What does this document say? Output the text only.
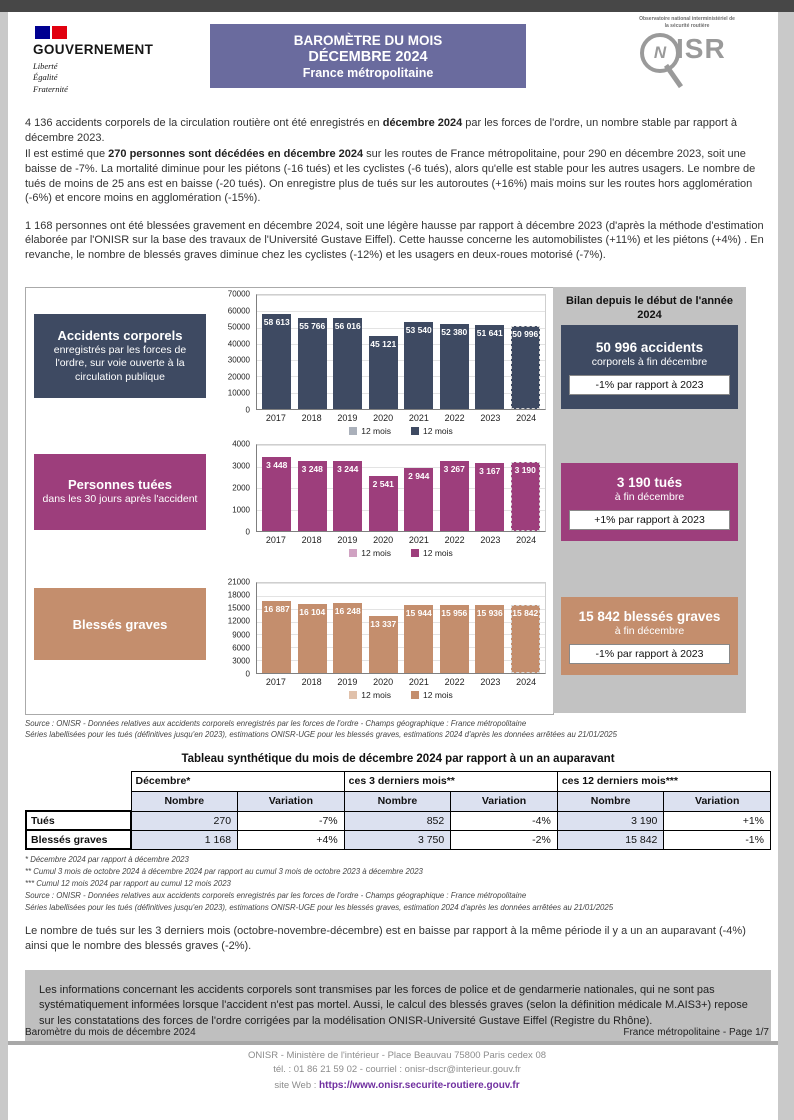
GOUVERNEMENT
Liberté
Égalité
Fraternité
BAROMÈTRE DU MOIS
DÉCEMBRE 2024
France métropolitaine
Observatoire national interministériel de la sécurité routière
N ISR

4 136 accidents corporels de la circulation routière ont été enregistrés en décembre 2024 par les forces de l'ordre, un nombre stable par rapport à décembre 2023.

Il est estimé que 270 personnes sont décédées en décembre 2024 sur les routes de France métropolitaine, pour 290 en décembre 2023, soit une baisse de -7%. La mortalité diminue pour les piétons (-16 tués) et les cyclistes (-6 tués), alors qu'elle est stable pour les autres usagers. Le nombre de tués de moins de 25 ans est en baisse (-20 tués). On enregistre plus de tués sur les autoroutes (+16%) mais moins sur les routes hors agglomération (-6%) et encore moins en agglomération (-15%).

1 168 personnes ont été blessées gravement en décembre 2024, soit une légère hausse par rapport à décembre 2023 (d'après la méthode d'estimation élaborée par l'ONISR sur la base des travaux de l'Université Gustave Eiffel). Cette hausse concerne les automobilistes (+11%) et les piétons (+4%) . En revanche, le nombre de blessés graves diminue chez les cyclistes (-12%) et les usagers en deux-roues motorisé (-7%).

Accidents corporels
enregistrés par les forces de l'ordre, sur voie ouverte à la circulation publique
70000
60000
50000
40000
30000
20000
10000
0
58 613 55 766 56 016
45 121
53 540 52 380 51 641 50 996
2017	2018	2019	2020	2021	2022	2023	2024
12 mois	12 mois
Personnes tuées
dans les 30 jours après l'accident
4000
3000
2000
1000
0
3 448 3 248 3 244
2 541
2 944
3 267 3 167 3 190
2017	2018	2019	2020	2021	2022	2023	2024
12 mois	12 mois
Blessés graves
21000
18000
15000
12000
9000
6000
3000
0
16 887 16 104 16 248
13 337
15 944 15 956 15 936 15 842
2017	2018	2019	2020	2021	2022	2023	2024
12 mois	12 mois
Bilan depuis le début de l'année 2024
50 996 accidents
corporels à fin décembre
-1% par rapport à 2023
3 190 tués
à fin décembre
+1% par rapport à 2023
15 842 blessés graves
à fin décembre
-1% par rapport à 2023
Source : ONISR - Données relatives aux accidents corporels enregistrés par les forces de l'ordre - Champs géographique : France métropolitaine
Séries labellisées pour les tués (définitives jusqu'en 2023), estimations ONISR-UGE pour les blessés graves, estimations 2024 d'après les données arrêtées au 21/01/2025
Tableau synthétique du mois de décembre 2024 par rapport à un an auparavant
	Décembre*		ces 3 derniers mois**		ces 12 derniers mois***	
	Nombre	Variation	Nombre	Variation	Nombre	Variation
Tués	270	-7%	852	-4%	3 190	+1%
Blessés graves	1 168	+4%	3 750	-2%	15 842	-1%
* Décembre 2024 par rapport à décembre 2023
** Cumul 3 mois de octobre 2024 à décembre 2024 par rapport au cumul 3 mois de octobre 2023 à décembre 2023
*** Cumul 12 mois 2024 par rapport au cumul 12 mois 2023
Source : ONISR - Données relatives aux accidents corporels enregistrés par les forces de l'ordre - Champs géographique : France métropolitaine
Séries labellisées pour les tués (définitives jusqu'en 2023), estimations ONISR-UGE pour les blessés graves, estimation 2024 d'après les données arrêtées au 21/01/2025

Le nombre de tués sur les 3 derniers mois (octobre-novembre-décembre) est en baisse par rapport à la même période il y a un an auparavant (-4%) ainsi que le nombre des blessés graves (-2%).

Les informations concernant les accidents corporels sont transmises par les forces de police et de gendarmerie nationales, qui ne sont pas systématiquement informées lorsque l'accident n'est pas mortel. Aussi, le calcul des blessés graves (selon la définition médicale M.AIS3+) repose sur les constatations des forces de l'ordre corrigées par la modélisation ONISR-Université Gustave Eiffel (Registre du Rhône).
Baromètre du mois de décembre 2024	France métropolitaine - Page 1/7
ONISR - Ministère de l'intérieur - Place Beauvau 75800 Paris cedex 08
tél. : 01 86 21 59 02 - courriel : onisr-dscr@interieur.gouv.fr
site Web : https://www.onisr.securite-routiere.gouv.fr
